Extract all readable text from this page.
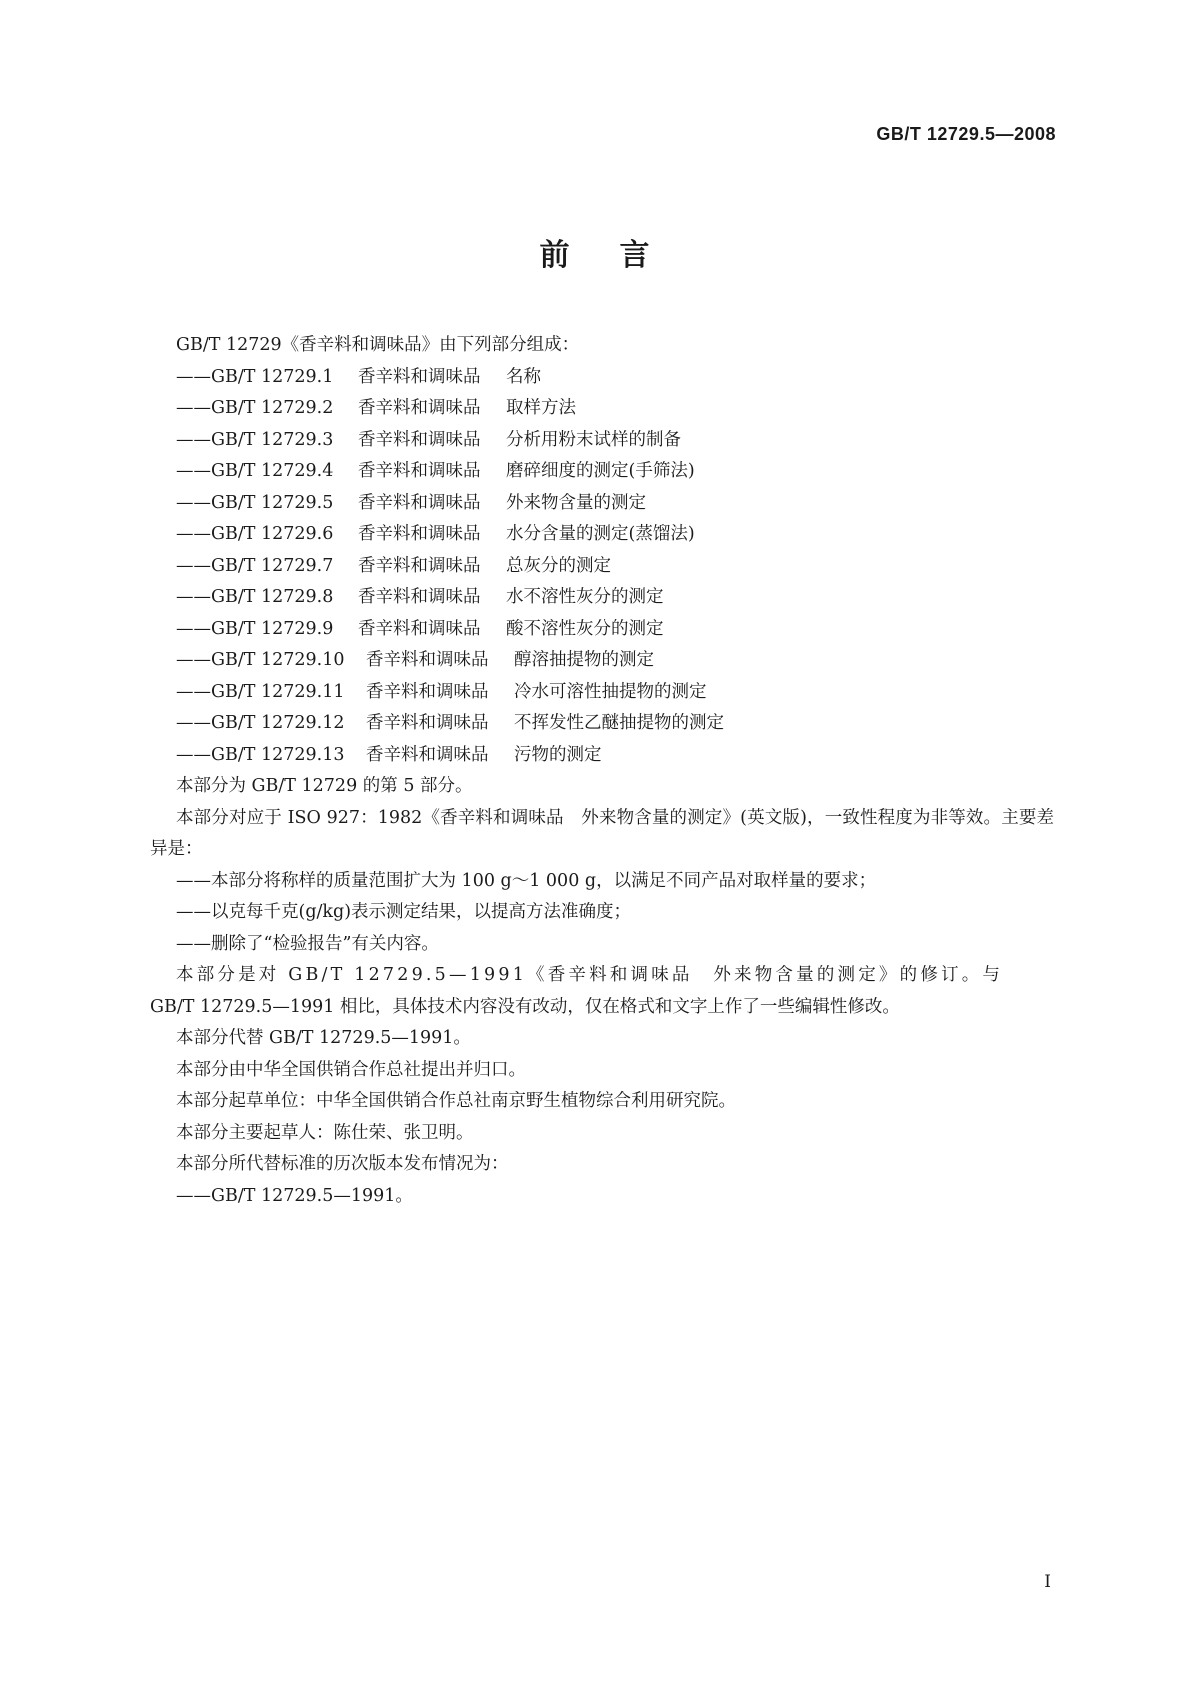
GB/T 12729.5—2008
前 言

GB/T 12729《香辛料和调味品》由下列部分组成：

——GB/T 12729.1 香辛料和调味品 名称

——GB/T 12729.2 香辛料和调味品 取样方法

——GB/T 12729.3 香辛料和调味品 分析用粉末试样的制备

——GB/T 12729.4 香辛料和调味品 磨碎细度的测定(手筛法)

——GB/T 12729.5 香辛料和调味品 外来物含量的测定

——GB/T 12729.6 香辛料和调味品 水分含量的测定(蒸馏法)

——GB/T 12729.7 香辛料和调味品 总灰分的测定

——GB/T 12729.8 香辛料和调味品 水不溶性灰分的测定

——GB/T 12729.9 香辛料和调味品 酸不溶性灰分的测定

——GB/T 12729.10 香辛料和调味品 醇溶抽提物的测定

——GB/T 12729.11 香辛料和调味品 冷水可溶性抽提物的测定

——GB/T 12729.12 香辛料和调味品 不挥发性乙醚抽提物的测定

——GB/T 12729.13 香辛料和调味品 污物的测定

本部分为 GB/T 12729 的第 5 部分。

本部分对应于 ISO 927：1982《香辛料和调味品　外来物含量的测定》(英文版)，一致性程度为非等效。主要差异是：

——本部分将称样的质量范围扩大为 100 g～1 000 g，以满足不同产品对取样量的要求；

——以克每千克(g/kg)表示测定结果，以提高方法准确度；

——删除了“检验报告”有关内容。

本部分是对 GB/T 12729.5—1991《香辛料和调味品　外来物含量的测定》的修订。与

GB/T 12729.5—1991 相比，具体技术内容没有改动，仅在格式和文字上作了一些编辑性修改。

本部分代替 GB/T 12729.5—1991。

本部分由中华全国供销合作总社提出并归口。

本部分起草单位：中华全国供销合作总社南京野生植物综合利用研究院。

本部分主要起草人：陈仕荣、张卫明。

本部分所代替标准的历次版本发布情况为：

——GB/T 12729.5—1991。

I
